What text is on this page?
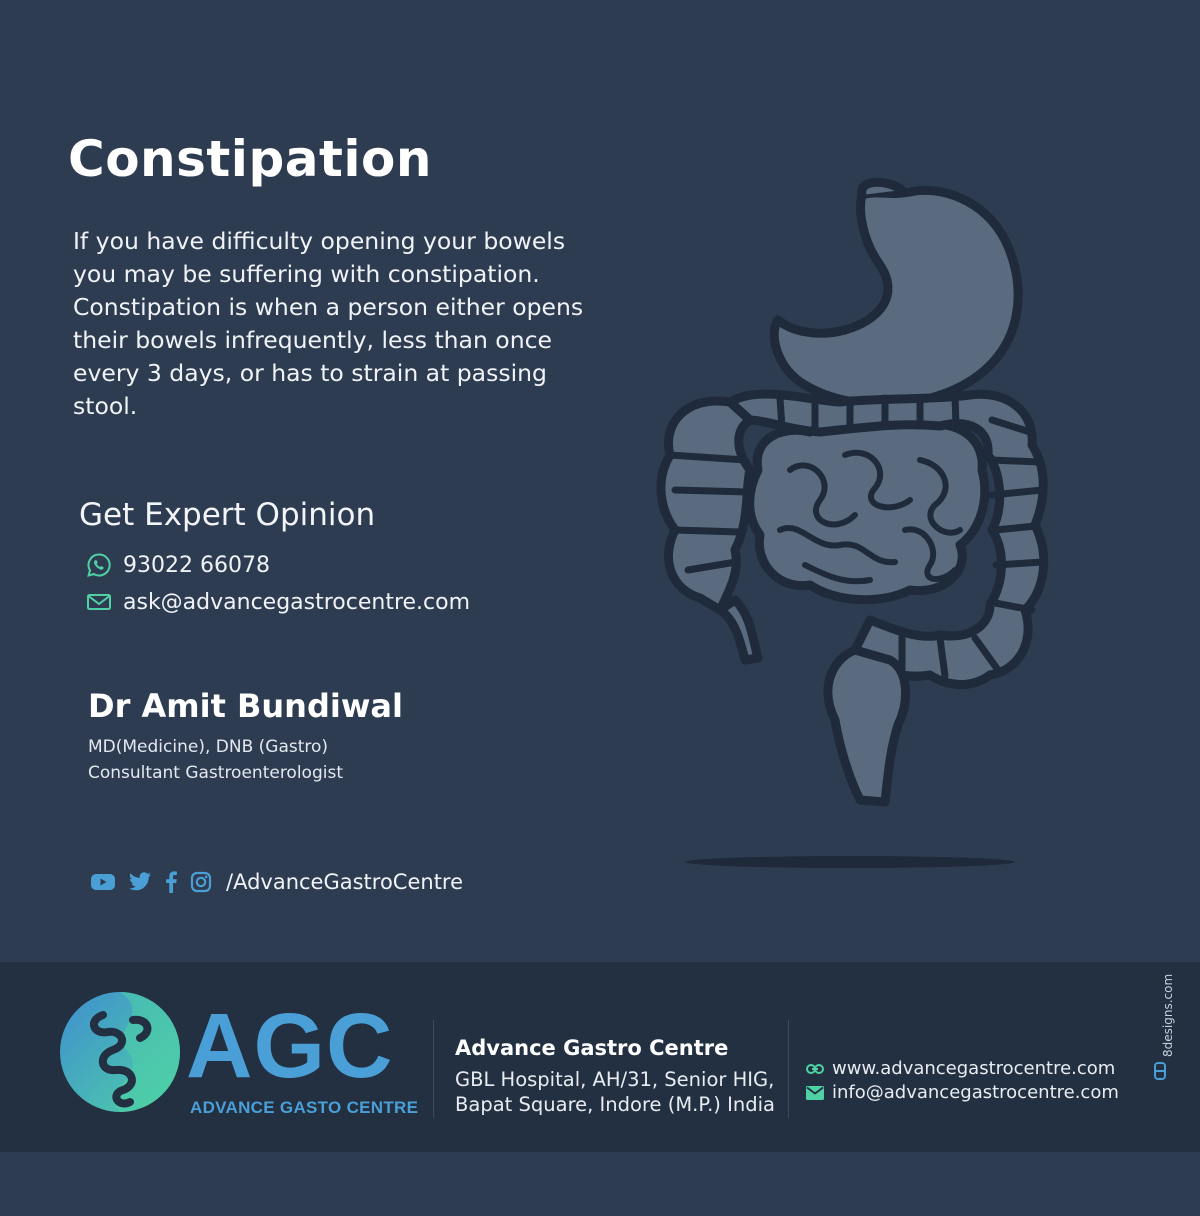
Constipation

If you have difficulty opening your bowels you may be suffering with constipation. Constipation is when a person either opens their bowels infrequently, less than once every 3 days, or has to strain at passing stool.

Get Expert Opinion
93022 66078
ask@advancegastrocentre.com
Dr Amit Bundiwal
MD(Medicine), DNB (Gastro)
Consultant Gastroenterologist
/AdvanceGastroCentre
AGC
ADVANCE GASTO CENTRE
Advance Gastro Centre
GBL Hospital, AH/31, Senior HIG,
Bapat Square, Indore (M.P.) India
www.advancegastrocentre.com
info@advancegastrocentre.com
8designs.com
